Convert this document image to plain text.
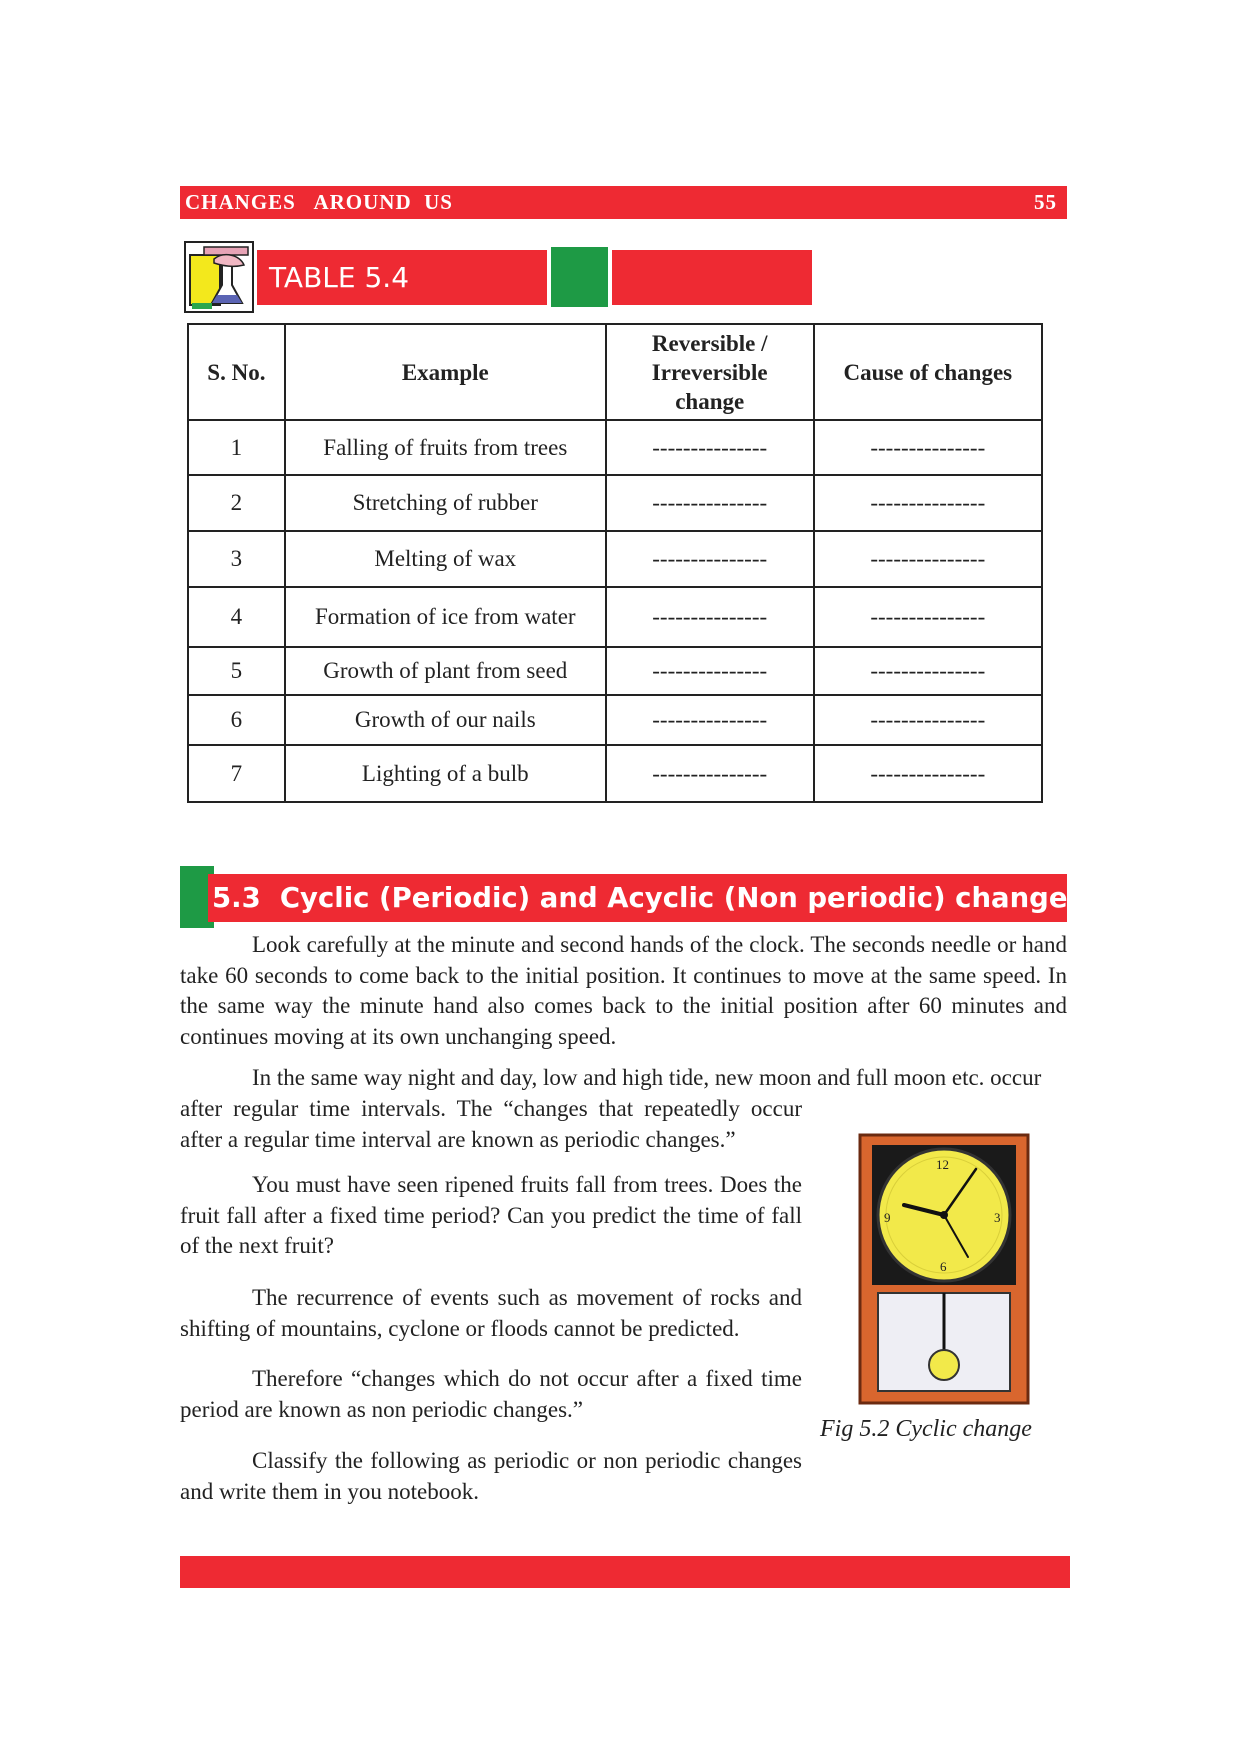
CHANGES   AROUND  US	55
TABLE 5.4
S. No.	Example	Reversible / Irreversible change	Cause of changes
1	Falling of fruits from trees	---------------	---------------
2	Stretching of rubber	---------------	---------------
3	Melting of wax	---------------	---------------
4	Formation of ice from water	---------------	---------------
5	Growth of plant from seed	---------------	---------------
6	Growth of our nails	---------------	---------------
7	Lighting of a bulb	---------------	---------------
5.3  Cyclic (Periodic) and Acyclic (Non periodic) changes

Look carefully at the minute and second hands of the clock. The seconds needle or hand take 60 seconds to come back to the initial position. It continues to move at the same speed. In the same way the minute hand also comes back to the initial position after 60 minutes and continues moving at its own unchanging speed.

In the same way night and day, low and high tide, new moon and full moon etc. occur

after regular time intervals. The “changes that repeatedly occur after a regular time interval are known as periodic changes.”

You must have seen ripened fruits fall from trees. Does the fruit fall after a fixed time period? Can you predict the time of fall of the next fruit?

The recurrence of events such as movement of rocks and shifting of mountains, cyclone or floods cannot be predicted.

Therefore “changes which do not occur after a fixed time period are known as non periodic changes.”

Classify the following as periodic or non periodic changes and write them in you notebook.

12
3
6
9
Fig 5.2 Cyclic change
